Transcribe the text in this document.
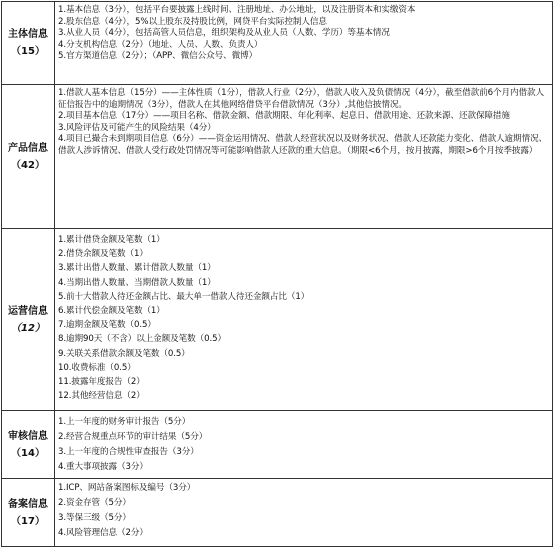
主体信息
（15）
1.基本信息（3分），包括平台要披露上线时间、注册地址、办公地址，以及注册资本和实缴资本
2.股东信息（4分），5%以上股东及持股比例，网贷平台实际控制人信息
3.从业人员（4分），包括高管人员信息，组织架构及从业人员（人数、学历）等基本情况
4.分支机构信息（2分）（地址、人员、人数、负责人）
5.官方渠道信息（2分）；（APP、微信公众号、微博）
产品信息
（42）
1.借款人基本信息（15分）——主体性质（1分），借款人行业（2分），借款人收入及负债情况（4分），截至借款前6个月内借款人征信报告中的逾期情况（3分），借款人在其他网络借贷平台借款情况（3分）,其他信披情况。
2.项目基本信息（17分）——项目名称、借款金额、借款期限、年化利率、起息日、借款用途、还款来源、还款保障措施
3.风险评估及可能产生的风险结果（4分）
4.项目已撮合未到期项目信息（6分）——资金运用情况、借款人经营状况以及财务状况、借款人还款能力变化、借款人逾期情况、借款人涉诉情况、借款人受行政处罚情况等可能影响借款人还款的重大信息。（期限<6个月，按月披露，期限>6个月按季披露）
运营信息
（12）
1.累计借贷金额及笔数（1）
2.借贷余额及笔数（1）
3.累计出借人数量、累计借款人数量（1）
4.当期出借人数量、当期借款人数量（1）
5.前十大借款人待还金额占比、最大单一借款人待还金额占比（1）
6.累计代偿金额及笔数（1）
7.逾期金额及笔数（0.5）
8.逾期90天（不含）以上金额及笔数（0.5）
9.关联关系借款余额及笔数（0.5）
10.收费标准（0.5）
11.披露年度报告（2）
12.其他经营信息（2）
审核信息
（14）
1.上一年度的财务审计报告（5分）
2.经营合规重点环节的审计结果（5分）
3.上一年度的合规性审查报告（3分）
4.重大事项披露（3分）
备案信息
（17）
1.ICP、网站备案图标及编号（3分）
2.资金存管（5分）
3.等保三级（5分）
4.风险管理信息（2分）
